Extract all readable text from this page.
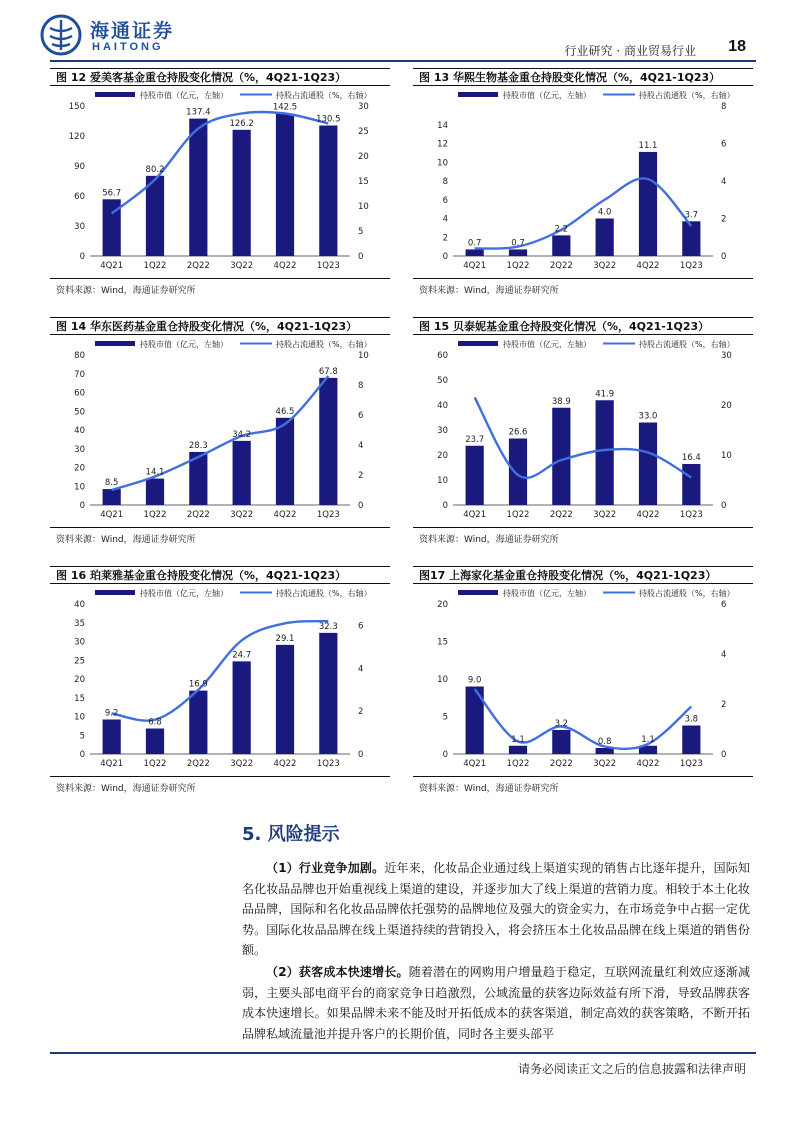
海通证券
HAITONG	行业研究 · 商业贸易行业 18
图 12 爱美客基金重仓持股变化情况（%，4Q21-1Q23）
持股市值（亿元，左轴）	持股占流通股（%，右轴）
0
30
60
90
120
150
0
5
10
15
20
25
30
56.7
4Q21
80.2
1Q22
137.4
2Q22
126.2
3Q22
142.5
4Q22
130.5
1Q23
资料来源：Wind，海通证券研究所
图 13 华熙生物基金重仓持股变化情况（%，4Q21-1Q23）
持股市值（亿元，左轴）	持股占流通股（%，右轴）
0
2
4
6
8
10
12
14
0
2
4
6
8
0.7
4Q21
0.7
1Q22
2.2
2Q22
4.0
3Q22
11.1
4Q22
3.7
1Q23
资料来源：Wind，海通证券研究所
图 14 华东医药基金重仓持股变化情况（%，4Q21-1Q23）
持股市值（亿元，左轴）	持股占流通股（%，右轴）
0
10
20
30
40
50
60
70
80
0
2
4
6
8
10
8.5
4Q21
14.1
1Q22
28.3
2Q22
34.2
3Q22
46.5
4Q22
67.8
1Q23
资料来源：Wind，海通证券研究所
图 15 贝泰妮基金重仓持股变化情况（%，4Q21-1Q23）
持股市值（亿元，左轴）	持股占流通股（%，右轴）
0
10
20
30
40
50
60
0
10
20
30
23.7
4Q21
26.6
1Q22
38.9
2Q22
41.9
3Q22
33.0
4Q22
16.4
1Q23
资料来源：Wind，海通证券研究所
图 16 珀莱雅基金重仓持股变化情况（%，4Q21-1Q23）
持股市值（亿元，左轴）	持股占流通股（%，右轴）
0
5
10
15
20
25
30
35
40
0
2
4
6
9.2
4Q21
6.8
1Q22
16.9
2Q22
24.7
3Q22
29.1
4Q22
32.3
1Q23
资料来源：Wind，海通证券研究所
图17 上海家化基金重仓持股变化情况（%，4Q21-1Q23）
持股市值（亿元，左轴）	持股占流通股（%，右轴）
0
5
10
15
20
0
2
4
6
9.0
4Q21
1.1
1Q22
3.2
2Q22
0.8
3Q22
1.1
4Q22
3.8
1Q23
资料来源：Wind，海通证券研究所
5. 风险提示
（1）行业竞争加剧。近年来，化妆品企业通过线上渠道实现的销售占比逐年提升，国际知名化妆品品牌也开始重视线上渠道的建设，并逐步加大了线上渠道的营销力度。相较于本土化妆品品牌，国际和名化妆品品牌依托强势的品牌地位及强大的资金实力，在市场竞争中占据一定优势。国际化妆品品牌在线上渠道持续的营销投入，将会挤压本土化妆品品牌在线上渠道的销售份额。
（2）获客成本快速增长。随着潜在的网购用户增量趋于稳定，互联网流量红利效应逐渐减弱，主要头部电商平台的商家竞争日趋激烈，公域流量的获客边际效益有所下滑，导致品牌获客成本快速增长。如果品牌未来不能及时开拓低成本的获客渠道，制定高效的获客策略，不断开拓品牌私域流量池并提升客户的长期价值，同时各主要头部平
请务必阅读正文之后的信息披露和法律声明
